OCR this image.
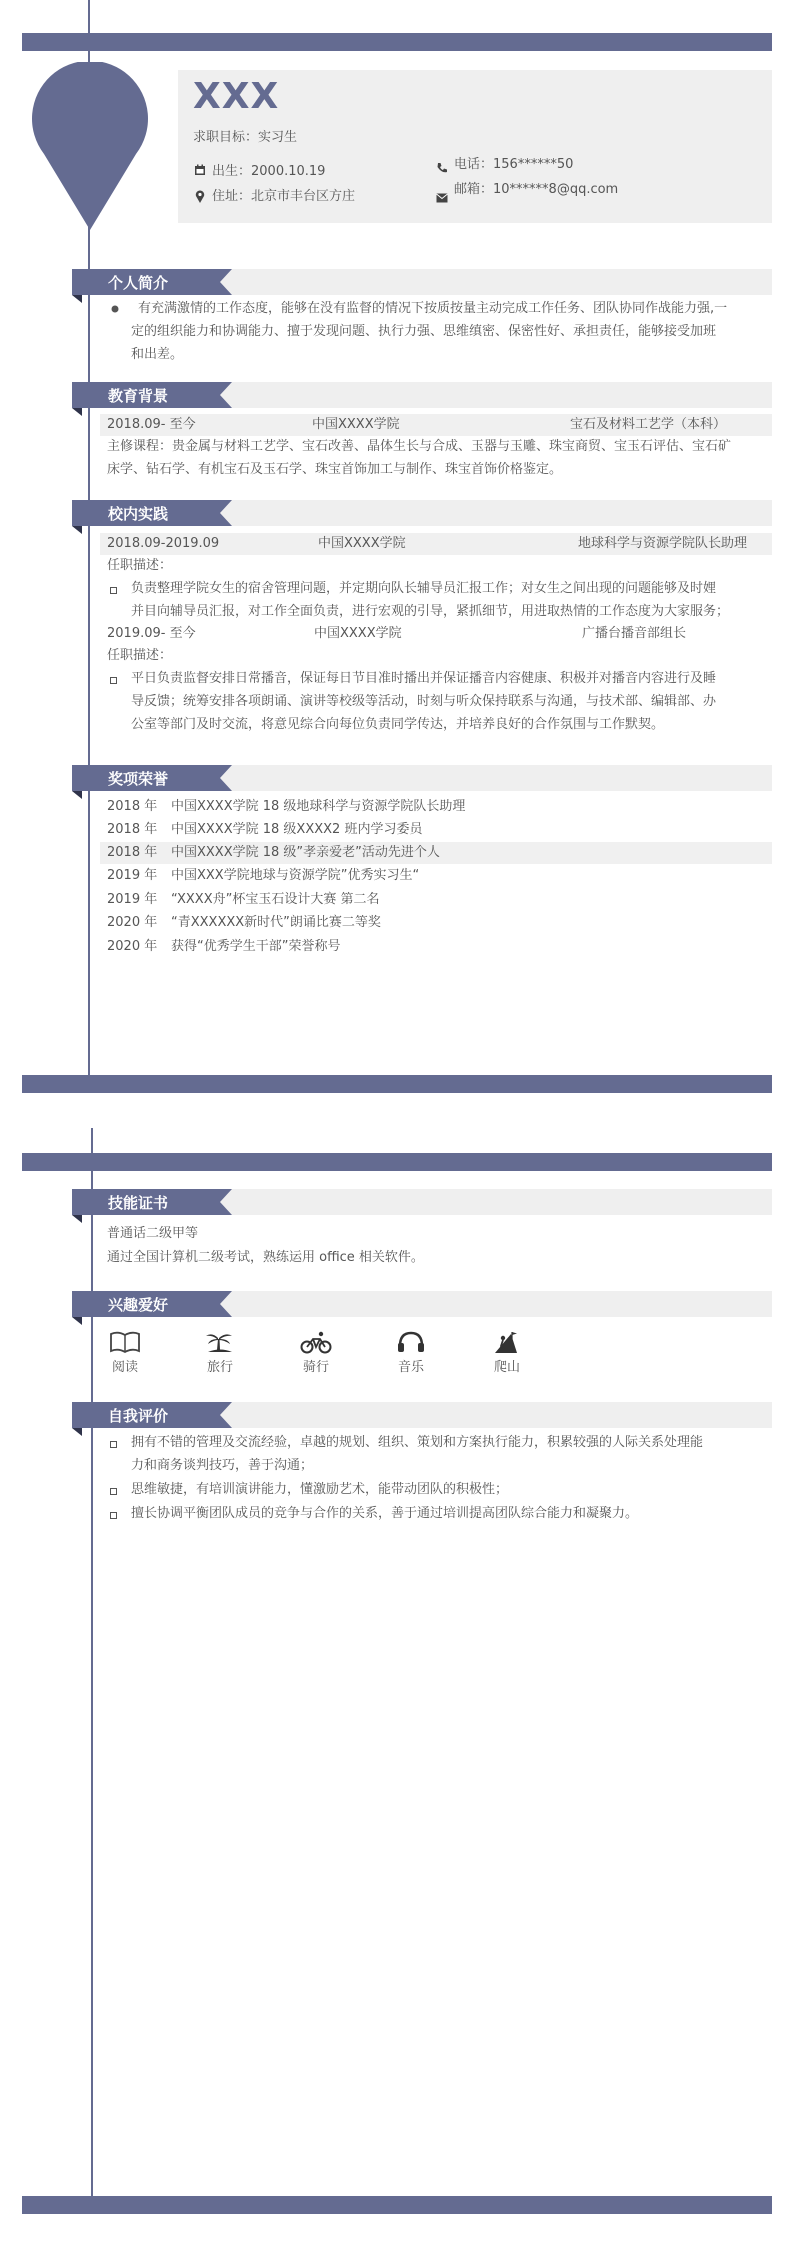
XXX
求职目标：实习生
出生：2000.10.19
住址：北京市丰台区方庄
电话：156******50
邮箱：10******8@qq.com
个人简介
有充满激情的工作态度，能够在没有监督的情况下按质按量主动完成工作任务、团队协同作战能力强,一
定的组织能力和协调能力、擅于发现问题、执行力强、思维缜密、保密性好、承担责任，能够接受加班
和出差。
教育背景
2018.09- 至今	中国XXXX学院	宝石及材料工艺学（本科）
主修课程：贵金属与材料工艺学、宝石改善、晶体生长与合成、玉器与玉雕、珠宝商贸、宝玉石评估、宝石矿
床学、钻石学、有机宝石及玉石学、珠宝首饰加工与制作、珠宝首饰价格鉴定。
校内实践
2018.09-2019.09	中国XXXX学院	地球科学与资源学院队长助理
任职描述：
负责整理学院女生的宿舍管理问题，并定期向队长辅导员汇报工作；对女生之间出现的问题能够及时娌
并目向辅导员汇报，对工作全面负责，进行宏观的引导，紧抓细节，用进取热情的工作态度为大家服务；
2019.09- 至今	中国XXXX学院	广播台播音部组长
任职描述：
平日负责监督安排日常播音，保证每日节目准时播出并保证播音内容健康、积极并对播音内容进行及睡
导反馈；统筹安排各项朗诵、演讲等校级等活动，时刻与听众保持联系与沟通，与技术部、编辑部、办
公室等部门及时交流，将意见综合向每位负责同学传达，并培养良好的合作氛围与工作默契。
奖项荣誉
2018 年 中国XXXX学院 18 级地球科学与资源学院队长助理
2018 年 中国XXXX学院 18 级XXXX2 班内学习委员
2018 年 中国XXXX学院 18 级”孝亲爱老”活动先进个人
2019 年 中国XXX学院地球与资源学院”优秀实习生“
2019 年 “XXXX舟”杯宝玉石设计大赛 第二名
2020 年 “青XXXXXX新时代”朗诵比赛二等奖
2020 年 获得“优秀学生干部”荣誉称号
技能证书
普通话二级甲等
通过全国计算机二级考试，熟练运用 office 相关软件。
兴趣爱好
阅读	旅行	骑行	音乐	爬山
自我评价
拥有不错的管理及交流经验，卓越的规划、组织、策划和方案执行能力，积累较强的人际关系处理能
力和商务谈判技巧，善于沟通；
思维敏捷，有培训演讲能力，懂激励艺术，能带动团队的积极性；
擅长协调平衡团队成员的竞争与合作的关系，善于通过培训提高团队综合能力和凝聚力。
